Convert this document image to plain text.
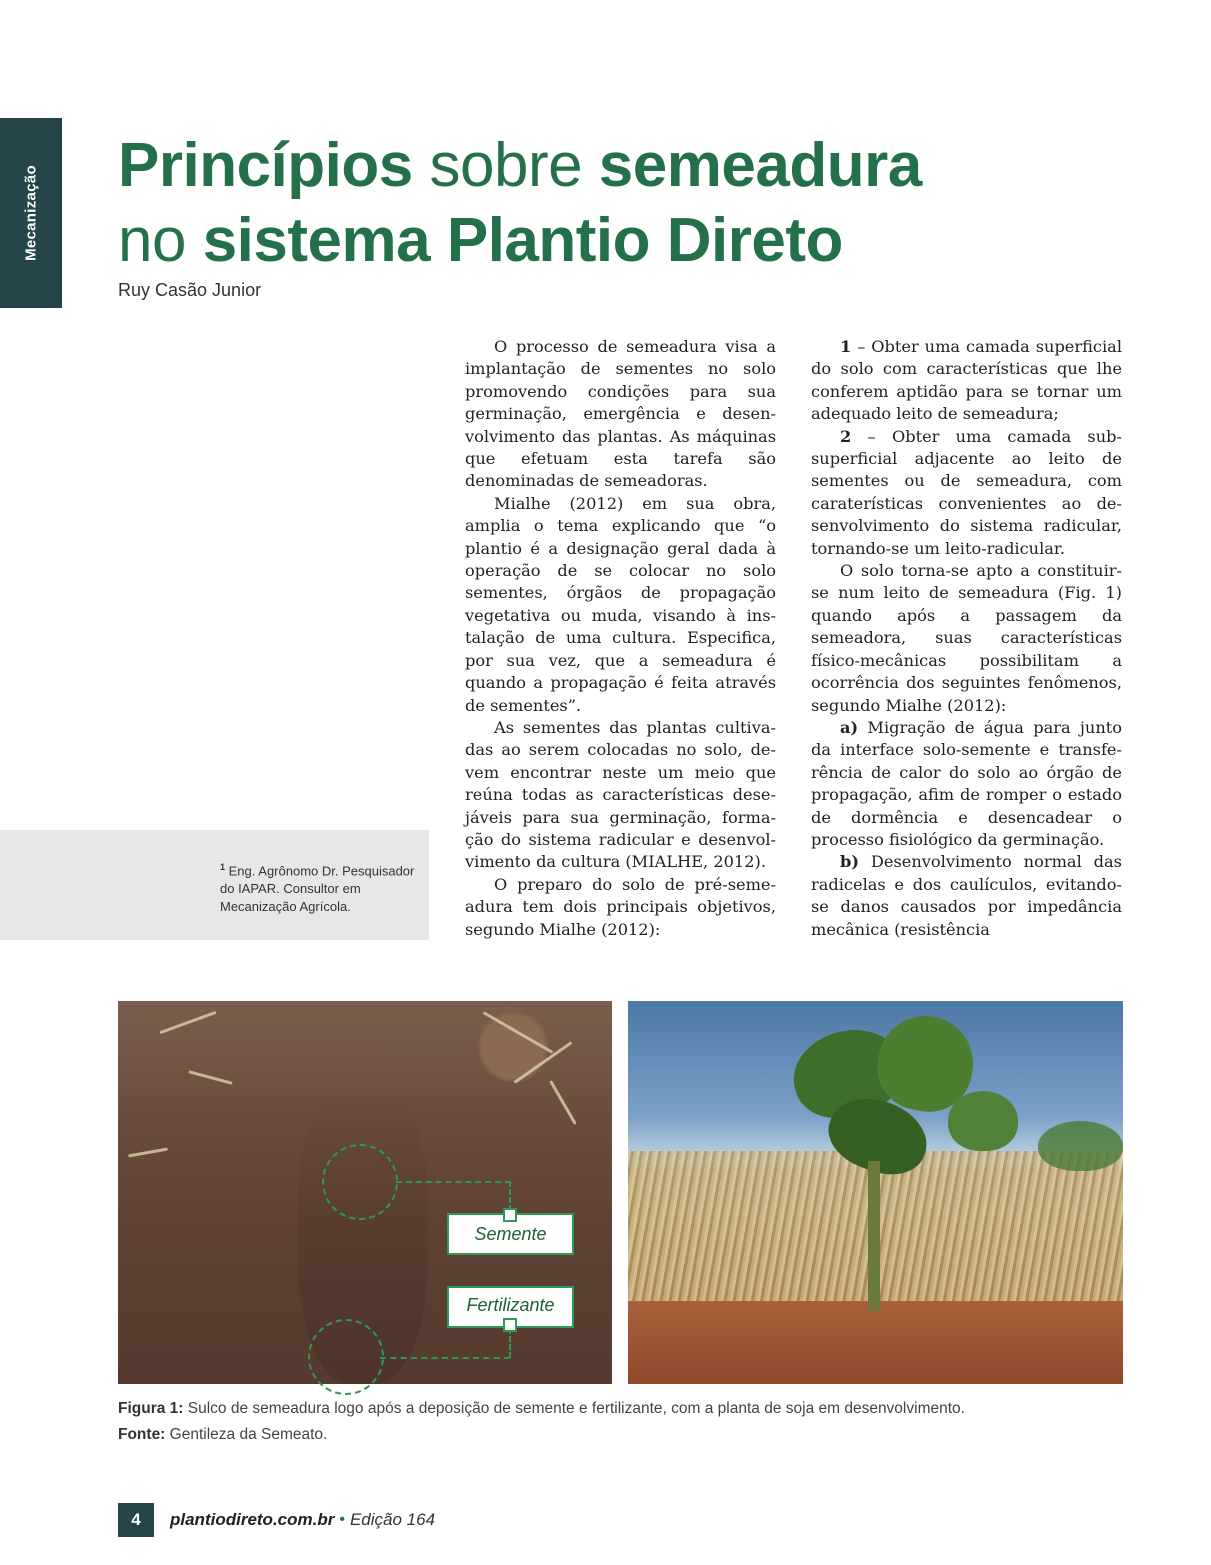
Mecanização Princípios sobre semeadura
no sistema Plantio Direto
Ruy Casão Junior
$^1$ Eng. Agrônomo Dr. Pesquisador
do IAPAR. Consultor em
Mecanização Agrícola.

O processo de semeadura visa a implantação de sementes no solo promovendo condições para sua germinação, emergência e desenvolvimento das plantas. As máquinas que efetuam esta tarefa são denominadas de semeadoras.

Mialhe (2012) em sua obra, amplia o tema explicando que “o plantio é a designação geral dada à operação de se colocar no solo sementes, órgãos de propagação vegetativa ou muda, visando à instalação de uma cultura. Especifica, por sua vez, que a semeadura é quando a propagação é feita através de sementes”.

As sementes das plantas cultivadas ao serem colocadas no solo, devem encontrar neste um meio que reúna todas as características desejáveis para sua germinação, formação do sistema radicular e desenvolvimento da cultura (MIALHE, 2012).

O preparo do solo de pré-semeadura tem dois principais objetivos, segundo Mialhe (2012):

1 – Obter uma camada superficial do solo com características que lhe conferem aptidão para se tornar um adequado leito de semeadura;

2 – Obter uma camada subsuperficial adjacente ao leito de sementes ou de semeadura, com caraterísticas convenientes ao desenvolvimento do sistema radicular, tornando-se um leito-radicular.

O solo torna-se apto a constituir-se num leito de semeadura (Fig. 1) quando após a passagem da semeadora, suas características físico-mecânicas possibilitam a ocorrência dos seguintes fenômenos, segundo Mialhe (2012):

a) Migração de água para junto da interface solo-semente e transferência de calor do solo ao órgão de propagação, afim de romper o estado de dormência e desencadear o processo fisiológico da germinação.

b) Desenvolvimento normal das radicelas e dos caulículos, evitando-se danos causados por impedância mecânica (resistência

Semente
Fertilizante
Figura 1: Sulco de semeadura logo após a deposição de semente e fertilizante, com a planta de soja em desenvolvimento.
Fonte: Gentileza da Semeato.
4	plantiodireto.com.br • Edição 164
